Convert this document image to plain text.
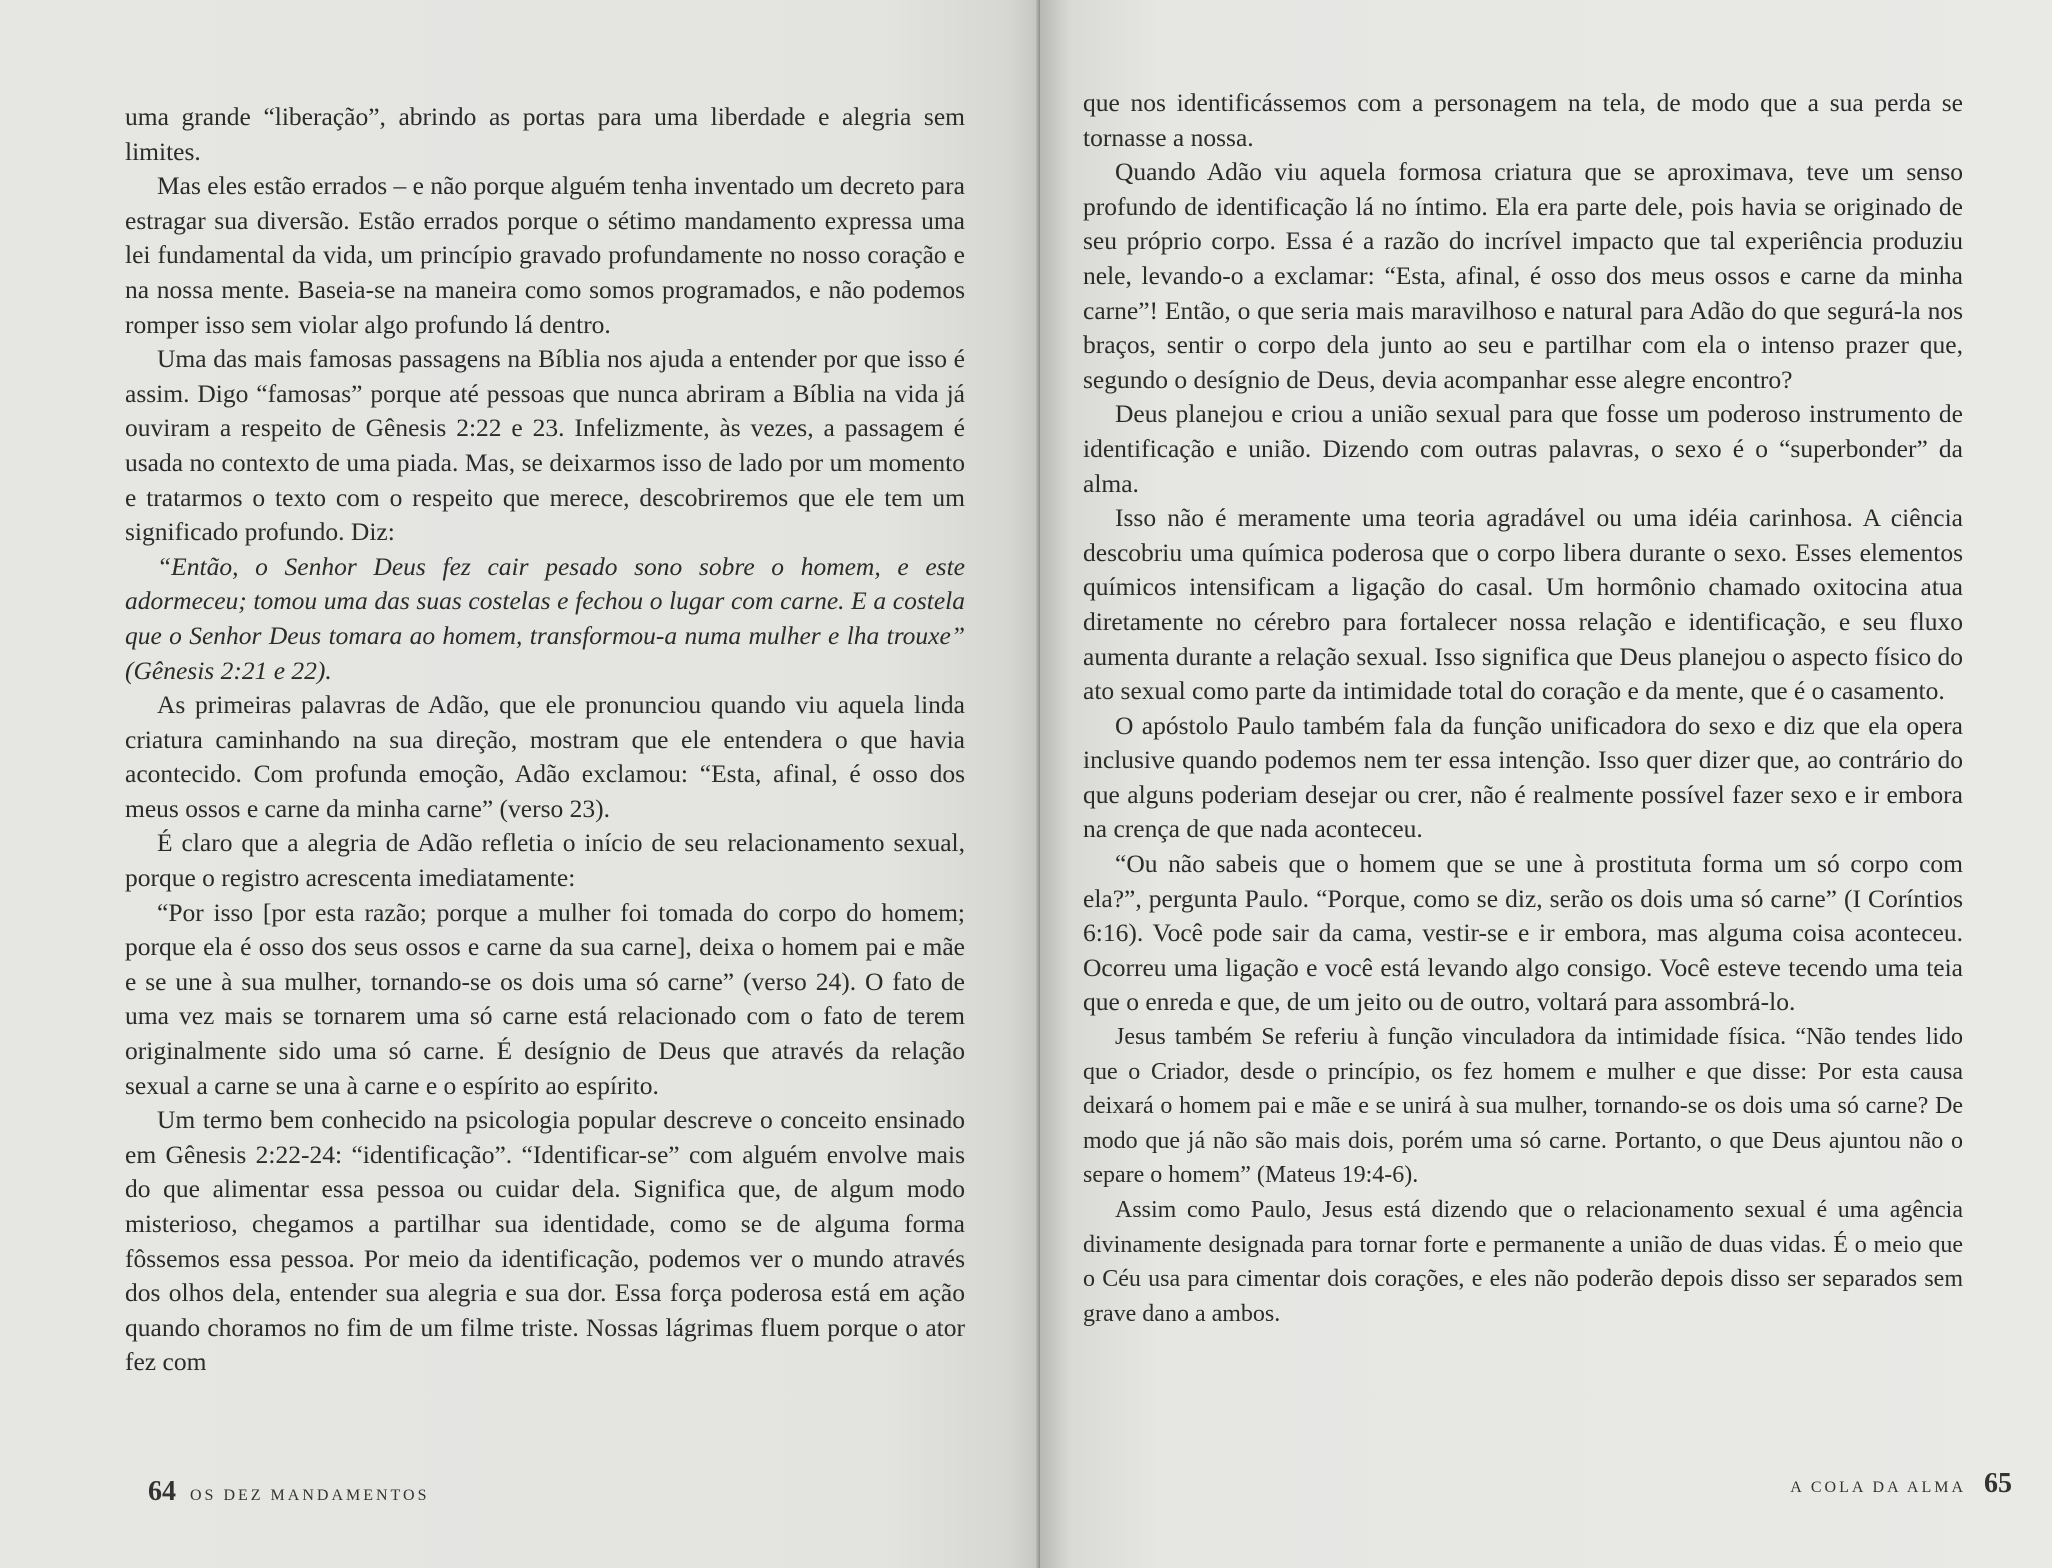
uma grande “liberação”, abrindo as portas para uma liberdade e alegria sem limites.

Mas eles estão errados – e não porque alguém tenha inventado um decreto para estragar sua diversão. Estão errados porque o sétimo mandamento expressa uma lei fundamental da vida, um princípio gravado profundamente no nosso coração e na nossa mente. Baseia-se na maneira como somos programados, e não podemos romper isso sem violar algo profundo lá dentro.

Uma das mais famosas passagens na Bíblia nos ajuda a entender por que isso é assim. Digo “famosas” porque até pessoas que nunca abriram a Bíblia na vida já ouviram a respeito de Gênesis 2:22 e 23. Infelizmente, às vezes, a passagem é usada no contexto de uma piada. Mas, se deixarmos isso de lado por um momento e tratarmos o texto com o respeito que merece, descobriremos que ele tem um significado profundo. Diz:

“Então, o Senhor Deus fez cair pesado sono sobre o homem, e este adormeceu; tomou uma das suas costelas e fechou o lugar com carne. E a costela que o Senhor Deus tomara ao homem, transformou-a numa mulher e lha trouxe” (Gênesis 2:21 e 22).

As primeiras palavras de Adão, que ele pronunciou quando viu aquela linda criatura caminhando na sua direção, mostram que ele entendera o que havia acontecido. Com profunda emoção, Adão exclamou: “Esta, afinal, é osso dos meus ossos e carne da minha carne” (verso 23).

É claro que a alegria de Adão refletia o início de seu relacionamento sexual, porque o registro acrescenta imediatamente:

“Por isso [por esta razão; porque a mulher foi tomada do corpo do homem; porque ela é osso dos seus ossos e carne da sua carne], deixa o homem pai e mãe e se une à sua mulher, tornando-se os dois uma só carne” (verso 24). O fato de uma vez mais se tornarem uma só carne está relacionado com o fato de terem originalmente sido uma só carne. É desígnio de Deus que através da relação sexual a carne se una à carne e o espírito ao espírito.

Um termo bem conhecido na psicologia popular descreve o conceito ensinado em Gênesis 2:22-24: “identificação”. “Identificar-se” com alguém envolve mais do que alimentar essa pessoa ou cuidar dela. Significa que, de algum modo misterioso, chegamos a partilhar sua identidade, como se de alguma forma fôssemos essa pessoa. Por meio da identificação, podemos ver o mundo através dos olhos dela, entender sua alegria e sua dor. Essa força poderosa está em ação quando choramos no fim de um filme triste. Nossas lágrimas fluem porque o ator fez com

64 OS DEZ MANDAMENTOS

que nos identificássemos com a personagem na tela, de modo que a sua perda se tornasse a nossa.

Quando Adão viu aquela formosa criatura que se aproximava, teve um senso profundo de identificação lá no íntimo. Ela era parte dele, pois havia se originado de seu próprio corpo. Essa é a razão do incrível impacto que tal experiência produziu nele, levando-o a exclamar: “Esta, afinal, é osso dos meus ossos e carne da minha carne”! Então, o que seria mais maravilhoso e natural para Adão do que segurá-la nos braços, sentir o corpo dela junto ao seu e partilhar com ela o intenso prazer que, segundo o desígnio de Deus, devia acompanhar esse alegre encontro?

Deus planejou e criou a união sexual para que fosse um poderoso instrumento de identificação e união. Dizendo com outras palavras, o sexo é o “superbonder” da alma.

Isso não é meramente uma teoria agradável ou uma idéia carinhosa. A ciência descobriu uma química poderosa que o corpo libera durante o sexo. Esses elementos químicos intensificam a ligação do casal. Um hormônio chamado oxitocina atua diretamente no cérebro para fortalecer nossa relação e identificação, e seu fluxo aumenta durante a relação sexual. Isso significa que Deus planejou o aspecto físico do ato sexual como parte da intimidade total do coração e da mente, que é o casamento.

O apóstolo Paulo também fala da função unificadora do sexo e diz que ela opera inclusive quando podemos nem ter essa intenção. Isso quer dizer que, ao contrário do que alguns poderiam desejar ou crer, não é realmente possível fazer sexo e ir embora na crença de que nada aconteceu.

“Ou não sabeis que o homem que se une à prostituta forma um só corpo com ela?”, pergunta Paulo. “Porque, como se diz, serão os dois uma só carne” (I Coríntios 6:16). Você pode sair da cama, vestir-se e ir embora, mas alguma coisa aconteceu. Ocorreu uma ligação e você está levando algo consigo. Você esteve tecendo uma teia que o enreda e que, de um jeito ou de outro, voltará para assombrá-lo.

Jesus também Se referiu à função vinculadora da intimidade física. “Não tendes lido que o Criador, desde o princípio, os fez homem e mulher e que disse: Por esta causa deixará o homem pai e mãe e se unirá à sua mulher, tornando-se os dois uma só carne? De modo que já não são mais dois, porém uma só carne. Portanto, o que Deus ajuntou não o separe o homem” (Mateus 19:4-6).

Assim como Paulo, Jesus está dizendo que o relacionamento sexual é uma agência divinamente designada para tornar forte e permanente a união de duas vidas. É o meio que o Céu usa para cimentar dois corações, e eles não poderão depois disso ser separados sem grave dano a ambos.

A COLA DA ALMA 65
